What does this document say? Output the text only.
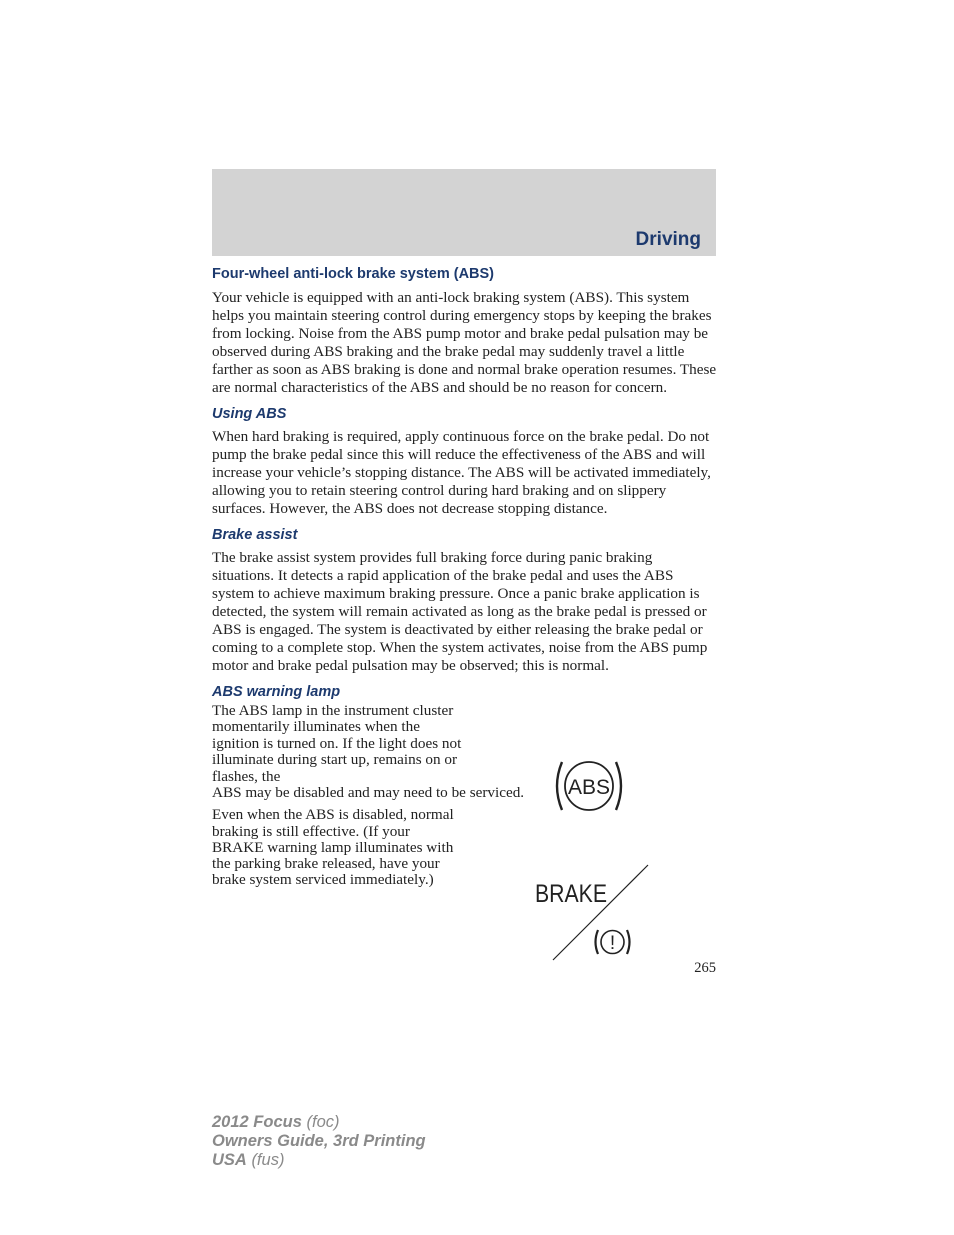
Driving
Four-wheel anti-lock brake system (ABS)

Your vehicle is equipped with an anti-lock braking system (ABS). This system helps you maintain steering control during emergency stops by keeping the brakes from locking. Noise from the ABS pump motor and brake pedal pulsation may be observed during ABS braking and the brake pedal may suddenly travel a little farther as soon as ABS braking is done and normal brake operation resumes. These are normal characteristics of the ABS and should be no reason for concern.

Using ABS

When hard braking is required, apply continuous force on the brake pedal. Do not pump the brake pedal since this will reduce the effectiveness of the ABS and will increase your vehicle’s stopping distance. The ABS will be activated immediately, allowing you to retain steering control during hard braking and on slippery surfaces. However, the ABS does not decrease stopping distance.

Brake assist

The brake assist system provides full braking force during panic braking situations. It detects a rapid application of the brake pedal and uses the ABS system to achieve maximum braking pressure. Once a panic brake application is detected, the system will remain activated as long as the brake pedal is pressed or ABS is engaged. The system is deactivated by either releasing the brake pedal or coming to a complete stop. When the system activates, noise from the ABS pump motor and brake pedal pulsation may be observed; this is normal.

ABS warning lamp

The ABS lamp in the instrument cluster momentarily illuminates when the ignition is turned on. If the light does not illuminate during start up, remains on or flashes, the

ABS may be disabled and may need to be serviced.

Even when the ABS is disabled, normal braking is still effective. (If your BRAKE warning lamp illuminates with the parking brake released, have your brake system serviced immediately.)

ABS
BRAKE
!
265
2012 Focus (foc)
Owners Guide, 3rd Printing
USA (fus)
